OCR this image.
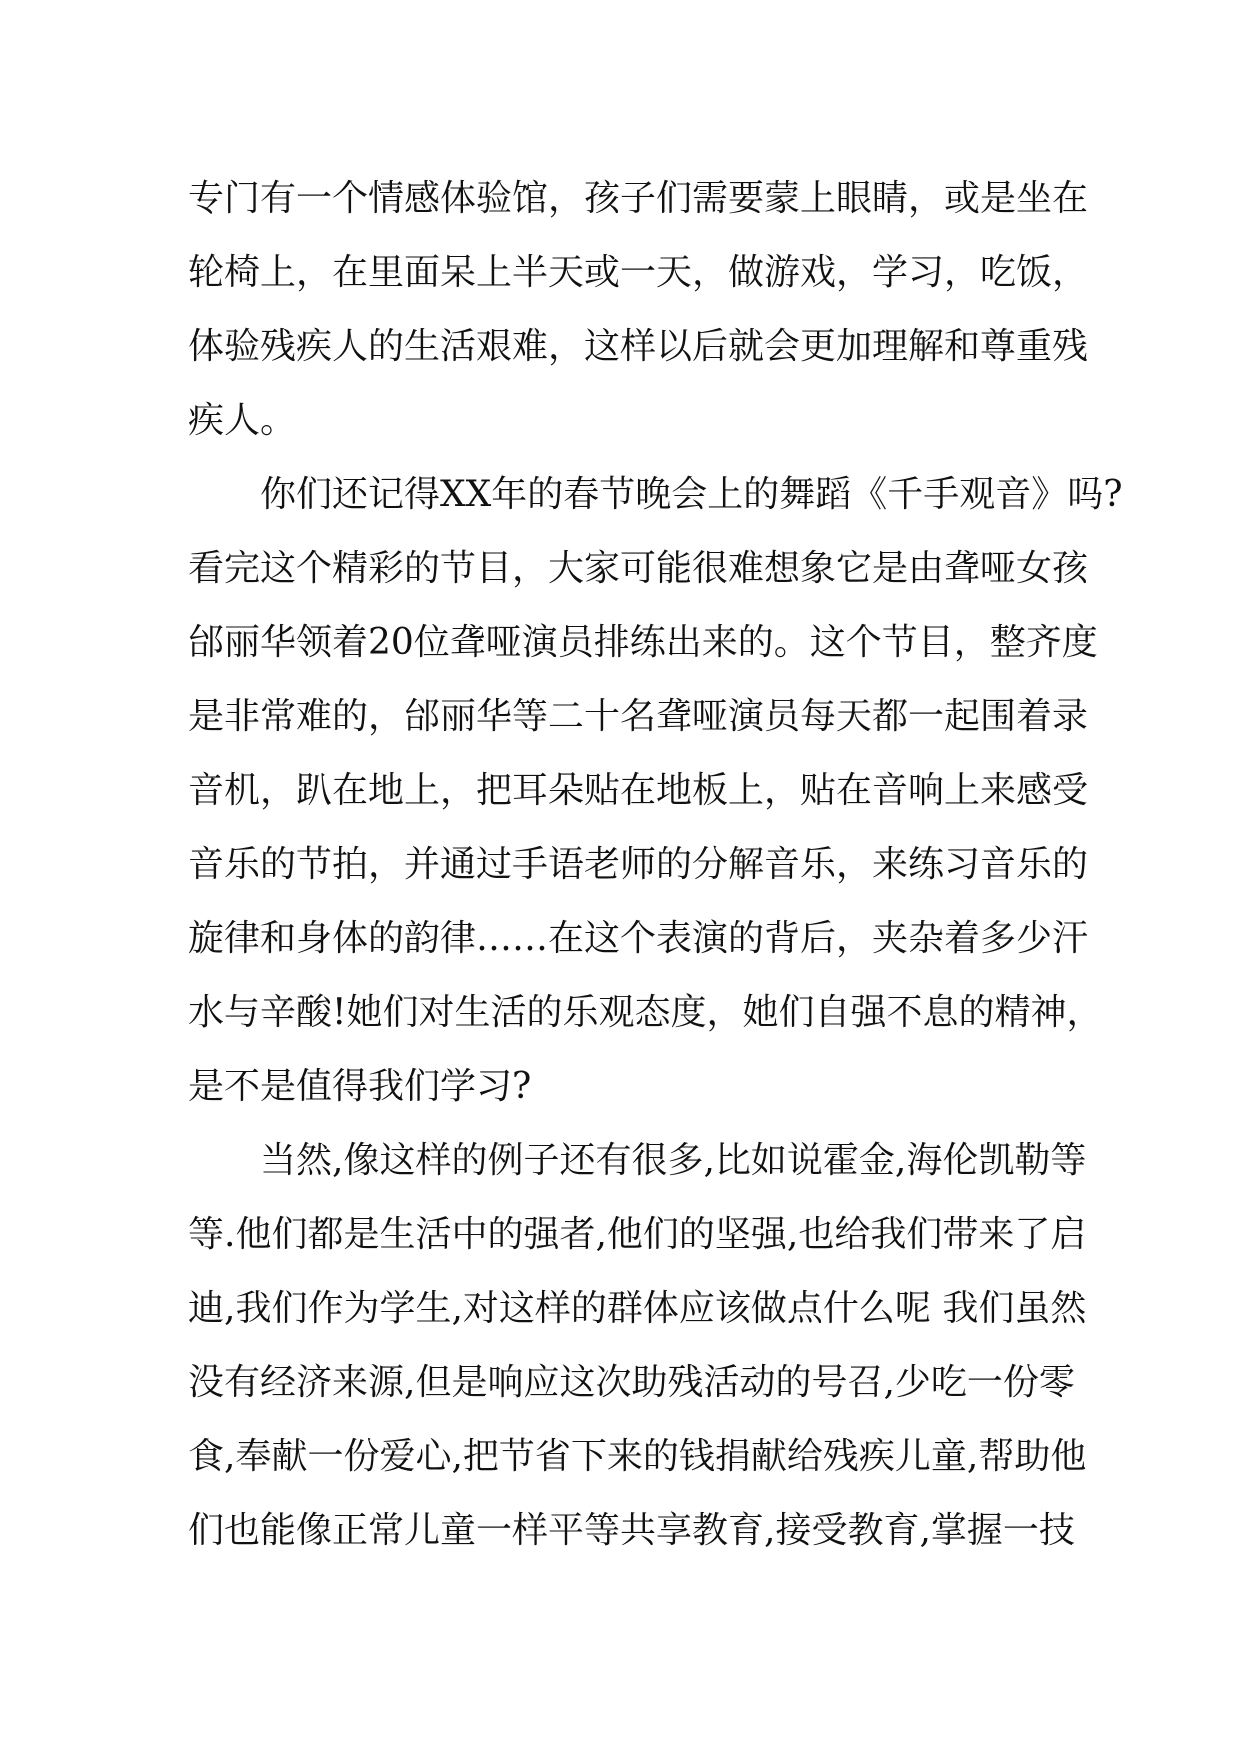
专门有一个情感体验馆，孩子们需要蒙上眼睛，或是坐在
轮椅上，在里面呆上半天或一天，做游戏，学习，吃饭，
体验残疾人的生活艰难，这样以后就会更加理解和尊重残
疾人。
你们还记得XX年的春节晚会上的舞蹈《千手观音》吗?
看完这个精彩的节目，大家可能很难想象它是由聋哑女孩
邰丽华领着20位聋哑演员排练出来的。这个节目，整齐度
是非常难的，邰丽华等二十名聋哑演员每天都一起围着录
音机，趴在地上，把耳朵贴在地板上，贴在音响上来感受
音乐的节拍，并通过手语老师的分解音乐，来练习音乐的
旋律和身体的韵律……在这个表演的背后，夹杂着多少汗
水与辛酸!她们对生活的乐观态度，她们自强不息的精神，
是不是值得我们学习?
当然,像这样的例子还有很多,比如说霍金,海伦凯勒等
等.他们都是生活中的强者,他们的坚强,也给我们带来了启
迪,我们作为学生,对这样的群体应该做点什么呢 我们虽然
没有经济来源,但是响应这次助残活动的号召,少吃一份零
食,奉献一份爱心,把节省下来的钱捐献给残疾儿童,帮助他
们也能像正常儿童一样平等共享教育,接受教育,掌握一技
